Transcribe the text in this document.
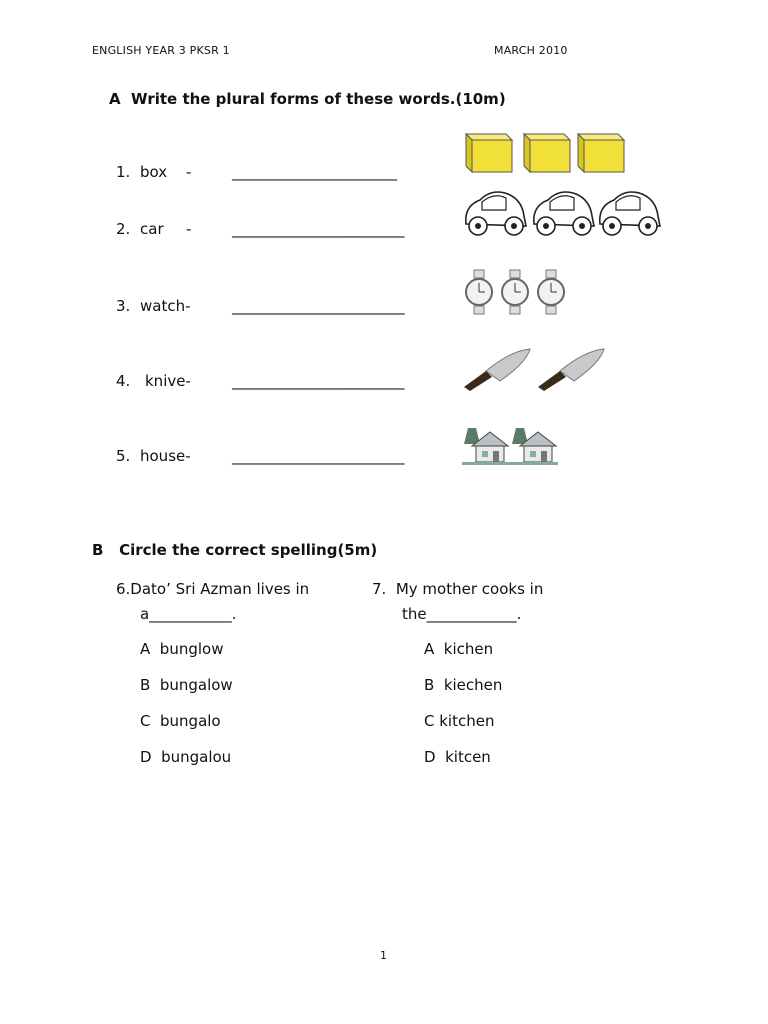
ENGLISH YEAR 3 PKSR 1	MARCH 2010
A  Write the plural forms of these words.(10m)
1. box -	______________________
2. car -	_______________________
3. watch-	_______________________
4. knive-	_______________________
5. house-	_______________________
B   Circle the correct spelling(5m)
6.Dato’ Sri Azman lives in
a___________.
A  bunglow
B  bungalow
C  bungalo
D  bungalou
7.  My mother cooks in
the____________.
A  kichen
B  kiechen
C kitchen
D  kitcen
1
